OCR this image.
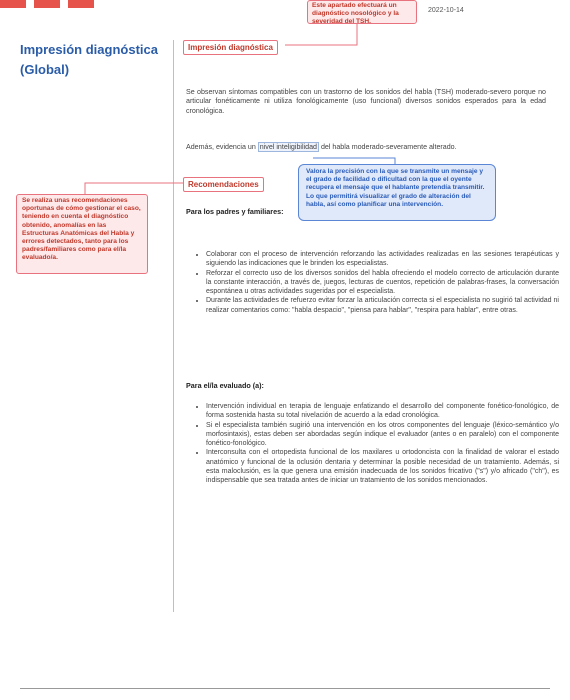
2022-10-14
Este apartado efectuará un diagnóstico nosológico y la severidad del TSH.
Impresión diagnóstica
(Global)
Impresión diagnóstica
Se observan síntomas compatibles con un trastorno de los sonidos del habla (TSH) moderado-severo porque no articular fonéticamente ni utiliza fonológicamente (uso funcional) diversos sonidos esperados para la edad cronológica.
Además, evidencia un nivel inteligibilidad del habla moderado-severamente alterado.
Valora la precisión con la que se transmite un mensaje y el grado de facilidad o dificultad con la que el oyente recupera el mensaje que el hablante pretendía transmitir. Lo que permitirá visualizar el grado de alteración del habla, así como planificar una intervención.
Se realiza unas recomendaciones oportunas de cómo gestionar el caso, teniendo en cuenta el diagnóstico obtenido, anomalías en las Estructuras Anatómicas del Habla y errores detectados, tanto para los padres/familiares como para el/la evaluado/a.
Recomendaciones
Para los padres y familiares:
• Colaborar con el proceso de intervención reforzando las actividades realizadas en las sesiones terapéuticas y siguiendo las indicaciones que le brinden los especialistas.
• Reforzar el correcto uso de los diversos sonidos del habla ofreciendo el modelo correcto de articulación durante la constante interacción, a través de, juegos, lecturas de cuentos, repetición de palabras-frases, la conversación espontánea u otras actividades sugeridas por el especialista.
• Durante las actividades de refuerzo evitar forzar la articulación correcta si el especialista no sugirió tal actividad ni realizar comentarios como: "habla despacio", "piensa para hablar", "respira para hablar", entre otras.
Para el/la evaluado (a):
• Intervención individual en terapia de lenguaje enfatizando el desarrollo del componente fonético-fonológico, de forma sostenida hasta su total nivelación de acuerdo a la edad cronológica.
• Si el especialista también sugirió una intervención en los otros componentes del lenguaje (léxico-semántico y/o morfosintaxis), estas deben ser abordadas según indique el evaluador (antes o en paralelo) con el componente fonético-fonológico.
• Interconsulta con el ortopedista funcional de los maxilares u ortodoncista con la finalidad de valorar el estado anatómico y funcional de la oclusión dentaria y determinar la posible necesidad de un tratamiento. Además, si esta maloclusión, es la que genera una emisión inadecuada de los sonidos fricativo ("s") y/o africado ("ch"), es indispensable que sea tratada antes de iniciar un tratamiento de los sonidos mencionados.
